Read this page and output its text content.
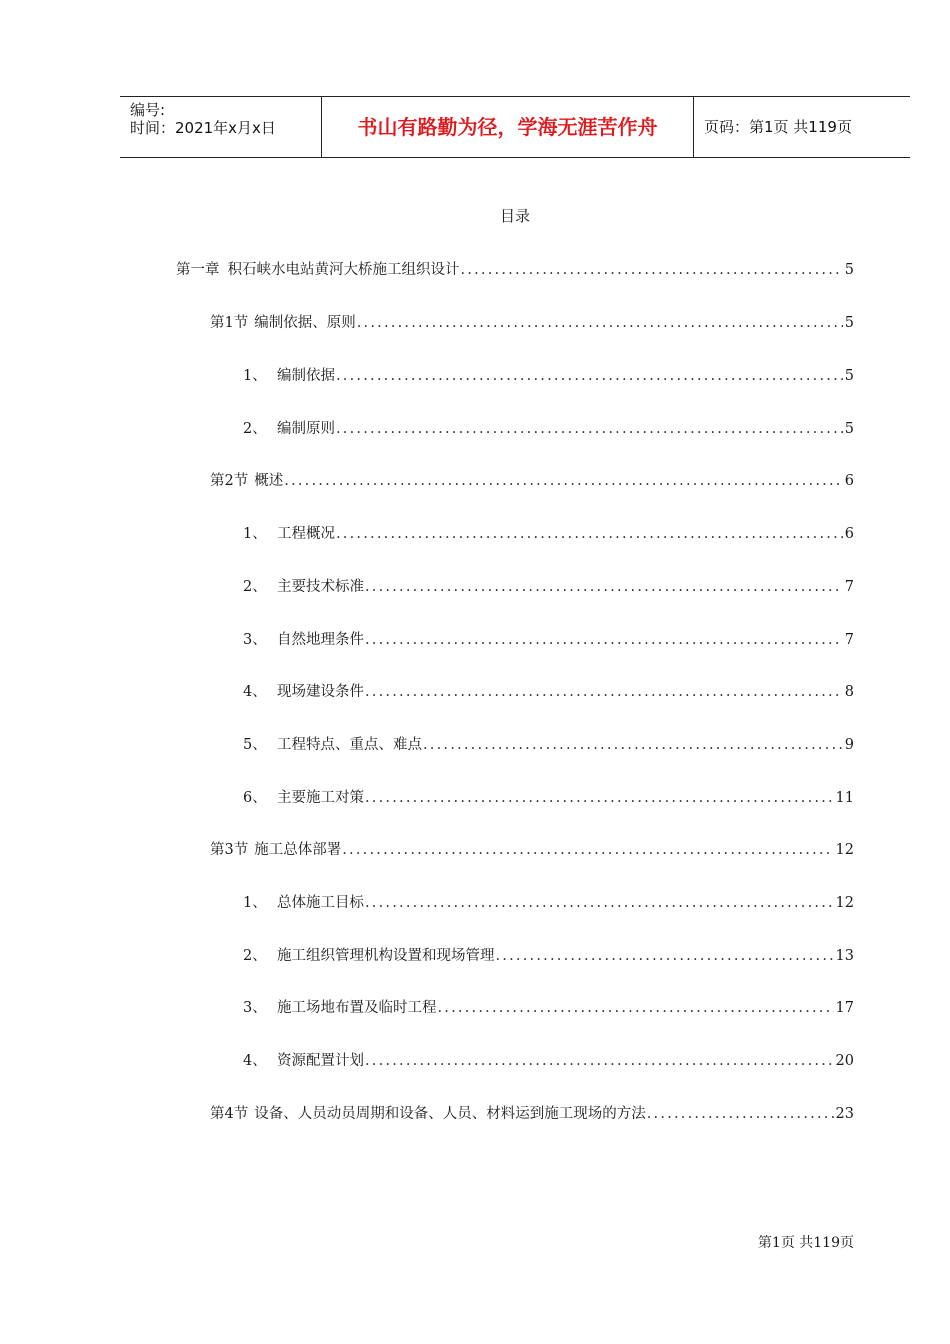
编号:
时间：2021年x月x日	书山有路勤为径，学海无涯苦作舟	页码：第1页 共119页
目录
第一章 积石峡水电站黄河大桥施工组织设计 .....	5
第1节 编制依据、原则 .....	5
1、 编制依据 .....	5
2、 编制原则 .....	5
第2节 概述 .....	6
1、 工程概况 .....	6
2、 主要技术标准 .....	7
3、 自然地理条件 .....	7
4、 现场建设条件 .....	8
5、 工程特点、重点、难点 .....	9
6、 主要施工对策 .....	11
第3节 施工总体部署 .....	12
1、 总体施工目标 .....	12
2、 施工组织管理机构设置和现场管理 .....	13
3、 施工场地布置及临时工程 .....	17
4、 资源配置计划 .....	20
第4节 设备、人员动员周期和设备、人员、材料运到施工现场的方法 .....	23
第1页 共119页
